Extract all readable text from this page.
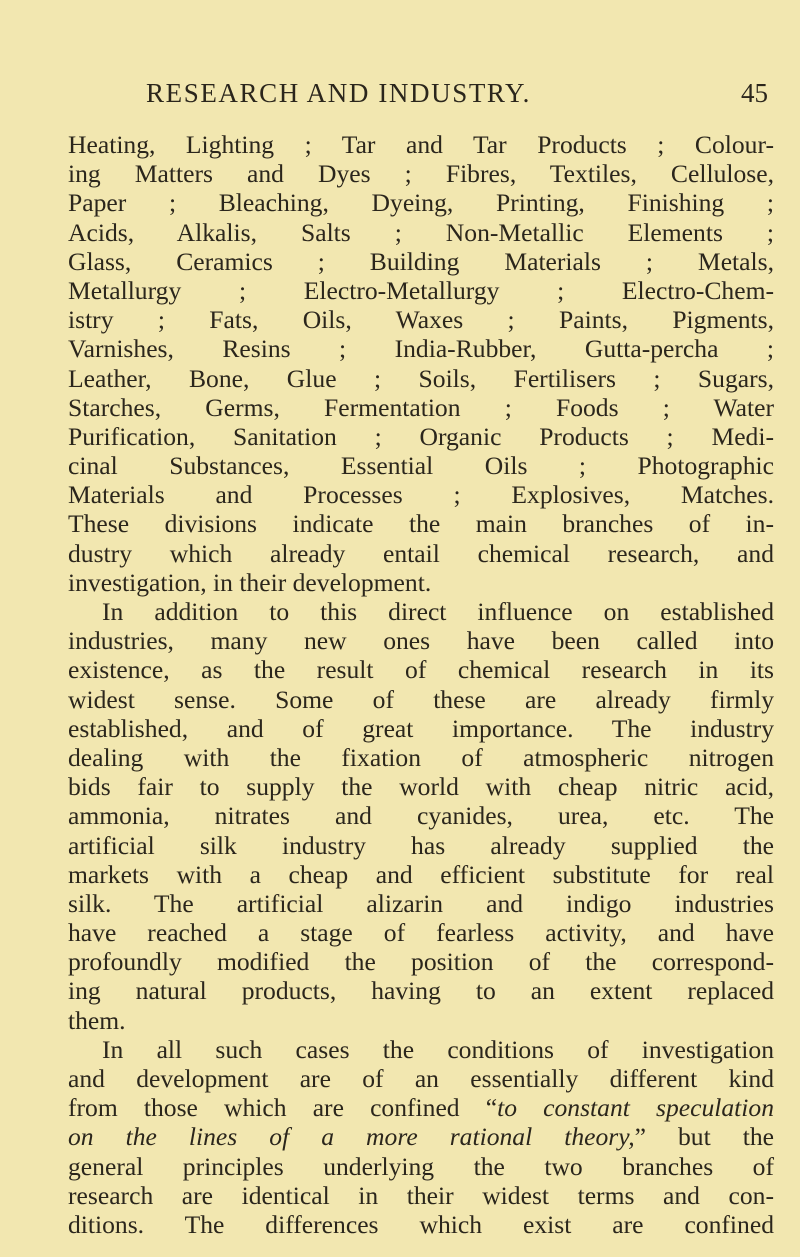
RESEARCH AND INDUSTRY.	45
Heating, Lighting ; Tar and Tar Products ; Colour-
ing Matters and Dyes ; Fibres, Textiles, Cellulose,
Paper ; Bleaching, Dyeing, Printing, Finishing ;
Acids, Alkalis, Salts ; Non-Metallic Elements ;
Glass, Ceramics ; Building Materials ; Metals,
Metallurgy ; Electro-Metallurgy ; Electro-Chem-
istry ; Fats, Oils, Waxes ; Paints, Pigments,
Varnishes, Resins ; India-Rubber, Gutta-percha ;
Leather, Bone, Glue ; Soils, Fertilisers ; Sugars,
Starches, Germs, Fermentation ; Foods ; Water
Purification, Sanitation ; Organic Products ; Medi-
cinal Substances, Essential Oils ; Photographic
Materials and Processes ; Explosives, Matches.
These divisions indicate the main branches of in-
dustry which already entail chemical research, and
investigation, in their development.
In addition to this direct influence on established
industries, many new ones have been called into
existence, as the result of chemical research in its
widest sense. Some of these are already firmly
established, and of great importance. The industry
dealing with the fixation of atmospheric nitrogen
bids fair to supply the world with cheap nitric acid,
ammonia, nitrates and cyanides, urea, etc. The
artificial silk industry has already supplied the
markets with a cheap and efficient substitute for real
silk. The artificial alizarin and indigo industries
have reached a stage of fearless activity, and have
profoundly modified the position of the correspond-
ing natural products, having to an extent replaced
them.
In all such cases the conditions of investigation
and development are of an essentially different kind
from those which are confined “to constant speculation
on the lines of a more rational theory,” but the
general principles underlying the two branches of
research are identical in their widest terms and con-
ditions. The differences which exist are confined
